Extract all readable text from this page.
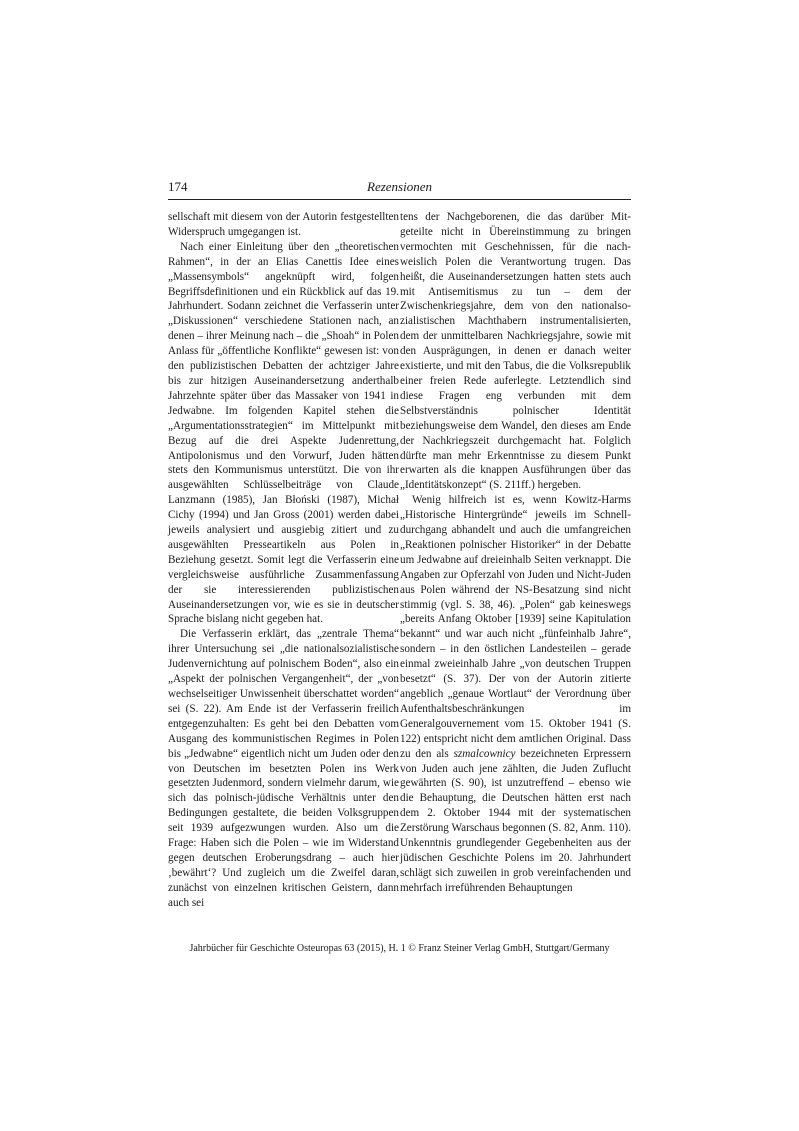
174	Rezensionen

sellschaft mit diesem von der Autorin festgestellten Widerspruch umgegangen ist.

Nach einer Einleitung über den „theoretischen Rahmen“, in der an Elias Canettis Idee eines „Massensymbols“ angeknüpft wird, folgen Begriffsdefinitionen und ein Rückblick auf das 19. Jahrhundert. Sodann zeichnet die Verfasserin unter „Diskussionen“ verschiedene Stationen nach, an denen – ihrer Meinung nach – die „Shoah“ in Polen Anlass für „öffentliche Konflikte“ gewesen ist: von den publizistischen Debatten der achtziger Jahre bis zur hitzigen Auseinandersetzung anderthalb Jahrzehnte später über das Massaker von 1941 in Jedwabne. Im folgenden Kapitel stehen die „Argumentationsstrategien“ im Mittelpunkt mit Bezug auf die drei Aspekte Judenrettung, Antipolonismus und den Vorwurf, Juden hätten stets den Kommunismus unterstützt. Die von ihr ausgewählten Schlüsselbeiträge von Claude Lanzmann (1985), Jan Błoński (1987), Michał Cichy (1994) und Jan Gross (2001) werden dabei jeweils analysiert und ausgiebig zitiert und zu ausgewählten Presseartikeln aus Polen in Beziehung gesetzt. Somit legt die Verfasserin eine vergleichsweise ausführliche Zusammenfassung der sie interessierenden publizistischen Auseinandersetzungen vor, wie es sie in deutscher Sprache bislang nicht gegeben hat.

Die Verfasserin erklärt, das „zentrale Thema“ ihrer Untersuchung sei „die nationalsozialistische Judenvernichtung auf polnischem Boden“, also ein „Aspekt der polnischen Vergangenheit“, der „von wechselseitiger Unwissenheit überschattet worden“ sei (S. 22). Am Ende ist der Verfasserin freilich entgegenzuhalten: Es geht bei den Debatten vom Ausgang des kommunistischen Regimes in Polen bis „Jedwabne“ eigentlich nicht um Juden oder den von Deutschen im besetzten Polen ins Werk gesetzten Judenmord, sondern vielmehr darum, wie sich das polnisch-jüdische Verhältnis unter den Bedingungen gestaltete, die beiden Volksgruppen seit 1939 aufgezwungen wurden. Also um die Frage: Haben sich die Polen – wie im Widerstand gegen deutschen Eroberungsdrang – auch hier ‚bewährt‘? Und zugleich um die Zweifel daran, zunächst von einzelnen kritischen Geistern, dann auch sei

tens der Nachgeborenen, die das darüber Mitgeteilte nicht in Übereinstimmung zu bringen vermochten mit Geschehnissen, für die nachweislich Polen die Verantwortung trugen. Das heißt, die Auseinandersetzungen hatten stets auch mit Antisemitismus zu tun – dem der Zwischenkriegsjahre, dem von den nationalsozialistischen Machthabern instrumentalisierten, dem der unmittelbaren Nachkriegsjahre, sowie mit den Ausprägungen, in denen er danach weiter existierte, und mit den Tabus, die die Volksrepublik einer freien Rede auferlegte. Letztendlich sind diese Fragen eng verbunden mit dem Selbstverständnis polnischer Identität beziehungsweise dem Wandel, den dieses am Ende der Nachkriegszeit durchgemacht hat. Folglich dürfte man mehr Erkenntnisse zu diesem Punkt erwarten als die knappen Ausführungen über das „Identitätskonzept“ (S. 211ff.) hergeben.

Wenig hilfreich ist es, wenn Kowitz-Harms „Historische Hintergründe“ jeweils im Schnelldurchgang abhandelt und auch die umfangreichen „Reaktionen polnischer Historiker“ in der Debatte um Jedwabne auf dreieinhalb Seiten verknappt. Die Angaben zur Opferzahl von Juden und Nicht-Juden aus Polen während der NS-Besatzung sind nicht stimmig (vgl. S. 38, 46). „Polen“ gab keineswegs „bereits Anfang Oktober [1939] seine Kapitulation bekannt“ und war auch nicht „fünfeinhalb Jahre“, sondern – in den östlichen Landesteilen – gerade einmal zweieinhalb Jahre „von deutschen Truppen besetzt“ (S. 37). Der von der Autorin zitierte angeblich „genaue Wortlaut“ der Verordnung über Aufenthaltsbeschränkungen im Generalgouvernement vom 15. Oktober 1941 (S. 122) entspricht nicht dem amtlichen Original. Dass zu den als szmalcownicy bezeichneten Erpressern von Juden auch jene zählten, die Juden Zuflucht gewährten (S. 90), ist unzutreffend – ebenso wie die Behauptung, die Deutschen hätten erst nach dem 2. Oktober 1944 mit der systematischen Zerstörung Warschaus begonnen (S. 82, Anm. 110). Unkenntnis grundlegender Gegebenheiten aus der jüdischen Geschichte Polens im 20. Jahrhundert schlägt sich zuweilen in grob vereinfachenden und mehrfach irreführenden Behauptungen

Jahrbücher für Geschichte Osteuropas 63 (2015), H. 1 © Franz Steiner Verlag GmbH, Stuttgart/Germany
